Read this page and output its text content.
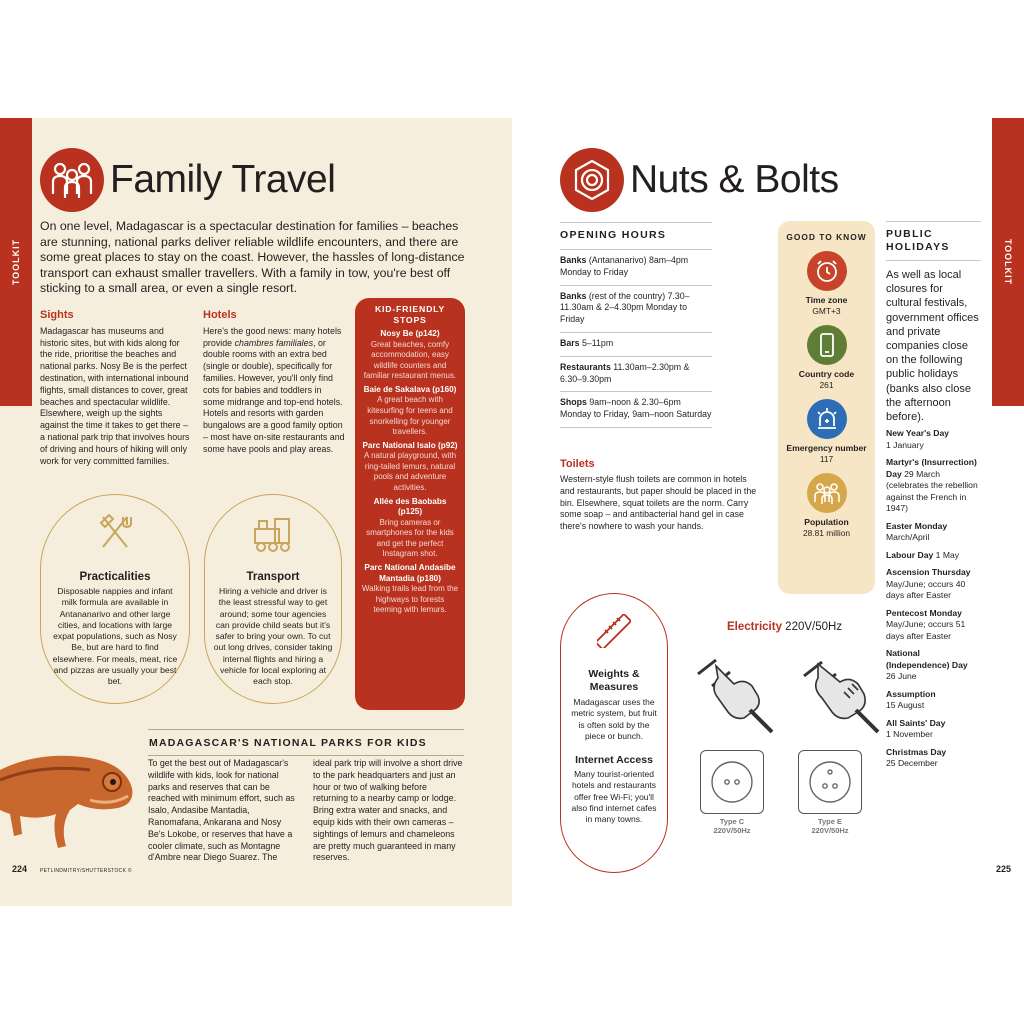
TOOLKIT
Family Travel
On one level, Madagascar is a spectacular destination for families – beaches are stunning, national parks deliver reliable wildlife encounters, and there are some great places to stay on the coast. However, the hassles of long-distance transport can exhaust smaller travellers. With a family in tow, you're best off sticking to a small area, or even a single resort.
Sights
Madagascar has museums and historic sites, but with kids along for the ride, prioritise the beaches and national parks. Nosy Be is the perfect destination, with international inbound flights, small distances to cover, great beaches and spectacular wildlife. Elsewhere, weigh up the sights against the time it takes to get there – a national park trip that involves hours of driving and hours of hiking will only work for very committed families.
Hotels
Here's the good news: many hotels provide chambres familiales, or double rooms with an extra bed (single or double), specifically for families. However, you'll only find cots for babies and toddlers in some midrange and top-end hotels. Hotels and resorts with garden bungalows are a good family option – most have on-site restaurants and some have pools and play areas.
KID-FRIENDLY STOPS
Nosy Be (p142)
Great beaches, comfy accommodation, easy wildlife counters and familiar restaurant menus.
Baie de Sakalava (p160)
A great beach with kitesurfing for teens and snorkelling for younger travellers.
Parc National Isalo (p92)
A natural playground, with ring-tailed lemurs, natural pools and adventure activities.
Allée des Baobabs (p125)
Bring cameras or smartphones for the kids and get the perfect Instagram shot.
Parc National Andasibe Mantadia (p180)
Walking trails lead from the highways to forests teeming with lemurs.
Practicalities
Disposable nappies and infant milk formula are available in Antananarivo and other large cities, and locations with large expat populations, such as Nosy Be, but are hard to find elsewhere. For meals, meat, rice and pizzas are usually your best bet.
Transport
Hiring a vehicle and driver is the least stressful way to get around; some tour agencies can provide child seats but it's safer to bring your own. To cut out long drives, consider taking internal flights and hiring a vehicle for local exploring at each stop.
MADAGASCAR'S NATIONAL PARKS FOR KIDS
To get the best out of Madagascar's wildlife with kids, look for national parks and reserves that can be reached with minimum effort, such as Isalo, Andasibe Mantadia, Ranomafana, Ankarana and Nosy Be's Lokobe, or reserves that have a cooler climate, such as Montagne d'Ambre near Diego Suarez. The
ideal park trip will involve a short drive to the park headquarters and just an hour or two of walking before returning to a nearby camp or lodge. Bring extra water and snacks, and equip kids with their own cameras – sightings of lemurs and chameleons are pretty much guaranteed in many reserves.
224	PETLINDMITRY/SHUTTERSTOCK ©
TOOLKIT
Nuts & Bolts
OPENING HOURS
Banks (Antananarivo) 8am–4pm Monday to Friday
Banks (rest of the country) 7.30–11.30am & 2–4.30pm Monday to Friday
Bars 5–11pm
Restaurants 11.30am–2.30pm & 6.30–9.30pm
Shops 9am–noon & 2.30–6pm Monday to Friday, 9am–noon Saturday
Toilets
Western-style flush toilets are common in hotels and restaurants, but paper should be placed in the bin. Elsewhere, squat toilets are the norm. Carry some soap – and antibacterial hand gel in case there's nowhere to wash your hands.
GOOD TO KNOW
Time zone
GMT+3
Country code
261
Emergency number
117
Population
28.81 million
PUBLIC HOLIDAYS
As well as local closures for cultural festivals, government offices and private companies close on the following public holidays (banks also close the afternoon before).
New Year's Day
1 January
Martyr's (Insurrection) Day 29 March (celebrates the rebellion against the French in 1947)
Easter Monday
March/April
Labour Day 1 May
Ascension Thursday
May/June; occurs 40 days after Easter
Pentecost Monday
May/June; occurs 51 days after Easter
National (Independence) Day
26 June
Assumption
15 August
All Saints' Day
1 November
Christmas Day
25 December
Weights & Measures
Madagascar uses the metric system, but fruit is often sold by the piece or bunch.
Internet Access
Many tourist-oriented hotels and restaurants offer free Wi-Fi; you'll also find internet cafes in many towns.
Electricity 220V/50Hz
Type C
220V/50Hz
Type E
220V/50Hz
225
